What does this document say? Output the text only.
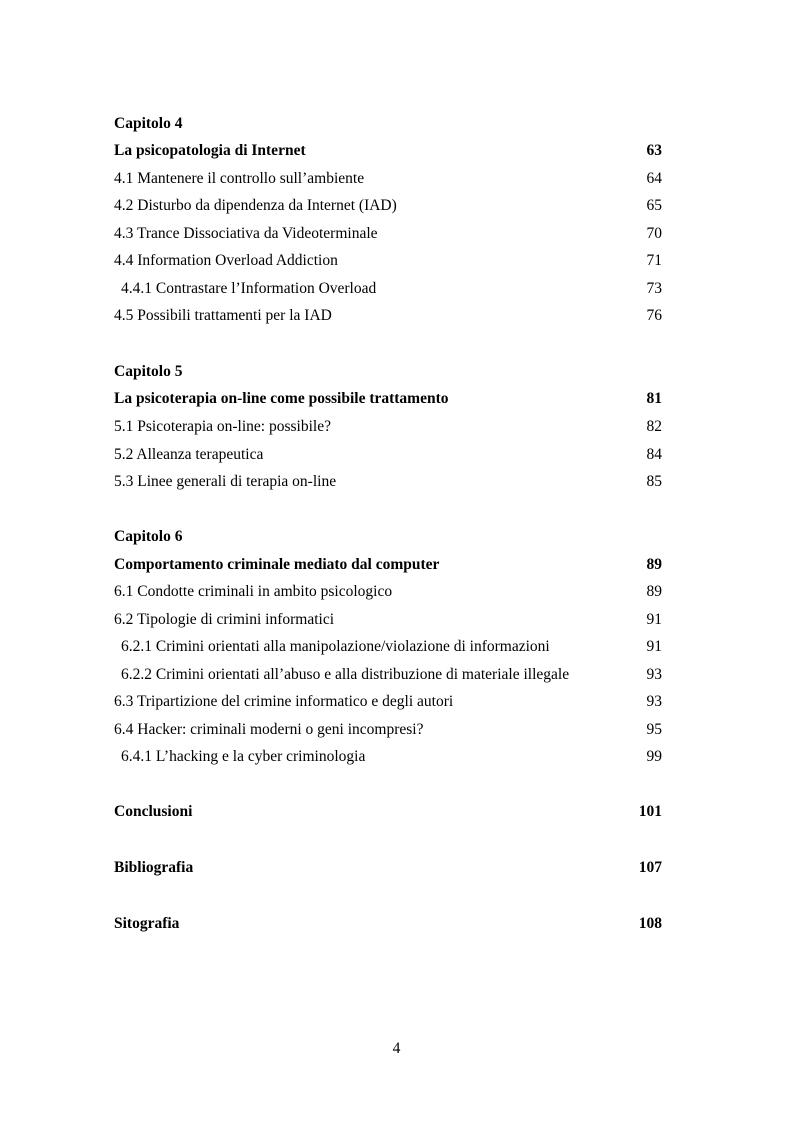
Capitolo 4
La psicopatologia di Internet	63
4.1 Mantenere il controllo sull’ambiente	64
4.2 Disturbo da dipendenza da Internet (IAD)	65
4.3 Trance Dissociativa da Videoterminale	70
4.4 Information Overload Addiction	71
4.4.1 Contrastare l’Information Overload	73
4.5 Possibili trattamenti per la IAD	76
Capitolo 5
La psicoterapia on-line come possibile trattamento	81
5.1 Psicoterapia on-line: possibile?	82
5.2 Alleanza terapeutica	84
5.3 Linee generali di terapia on-line	85
Capitolo 6
Comportamento criminale mediato dal computer	89
6.1 Condotte criminali in ambito psicologico	89
6.2 Tipologie di crimini informatici	91
6.2.1 Crimini orientati alla manipolazione/violazione di informazioni	91
6.2.2 Crimini orientati all’abuso e alla distribuzione di materiale illegale	93
6.3 Tripartizione del crimine informatico e degli autori	93
6.4 Hacker: criminali moderni o geni incompresi?	95
6.4.1 L’hacking e la cyber criminologia	99
Conclusioni	101
Bibliografia	107
Sitografia	108
4
